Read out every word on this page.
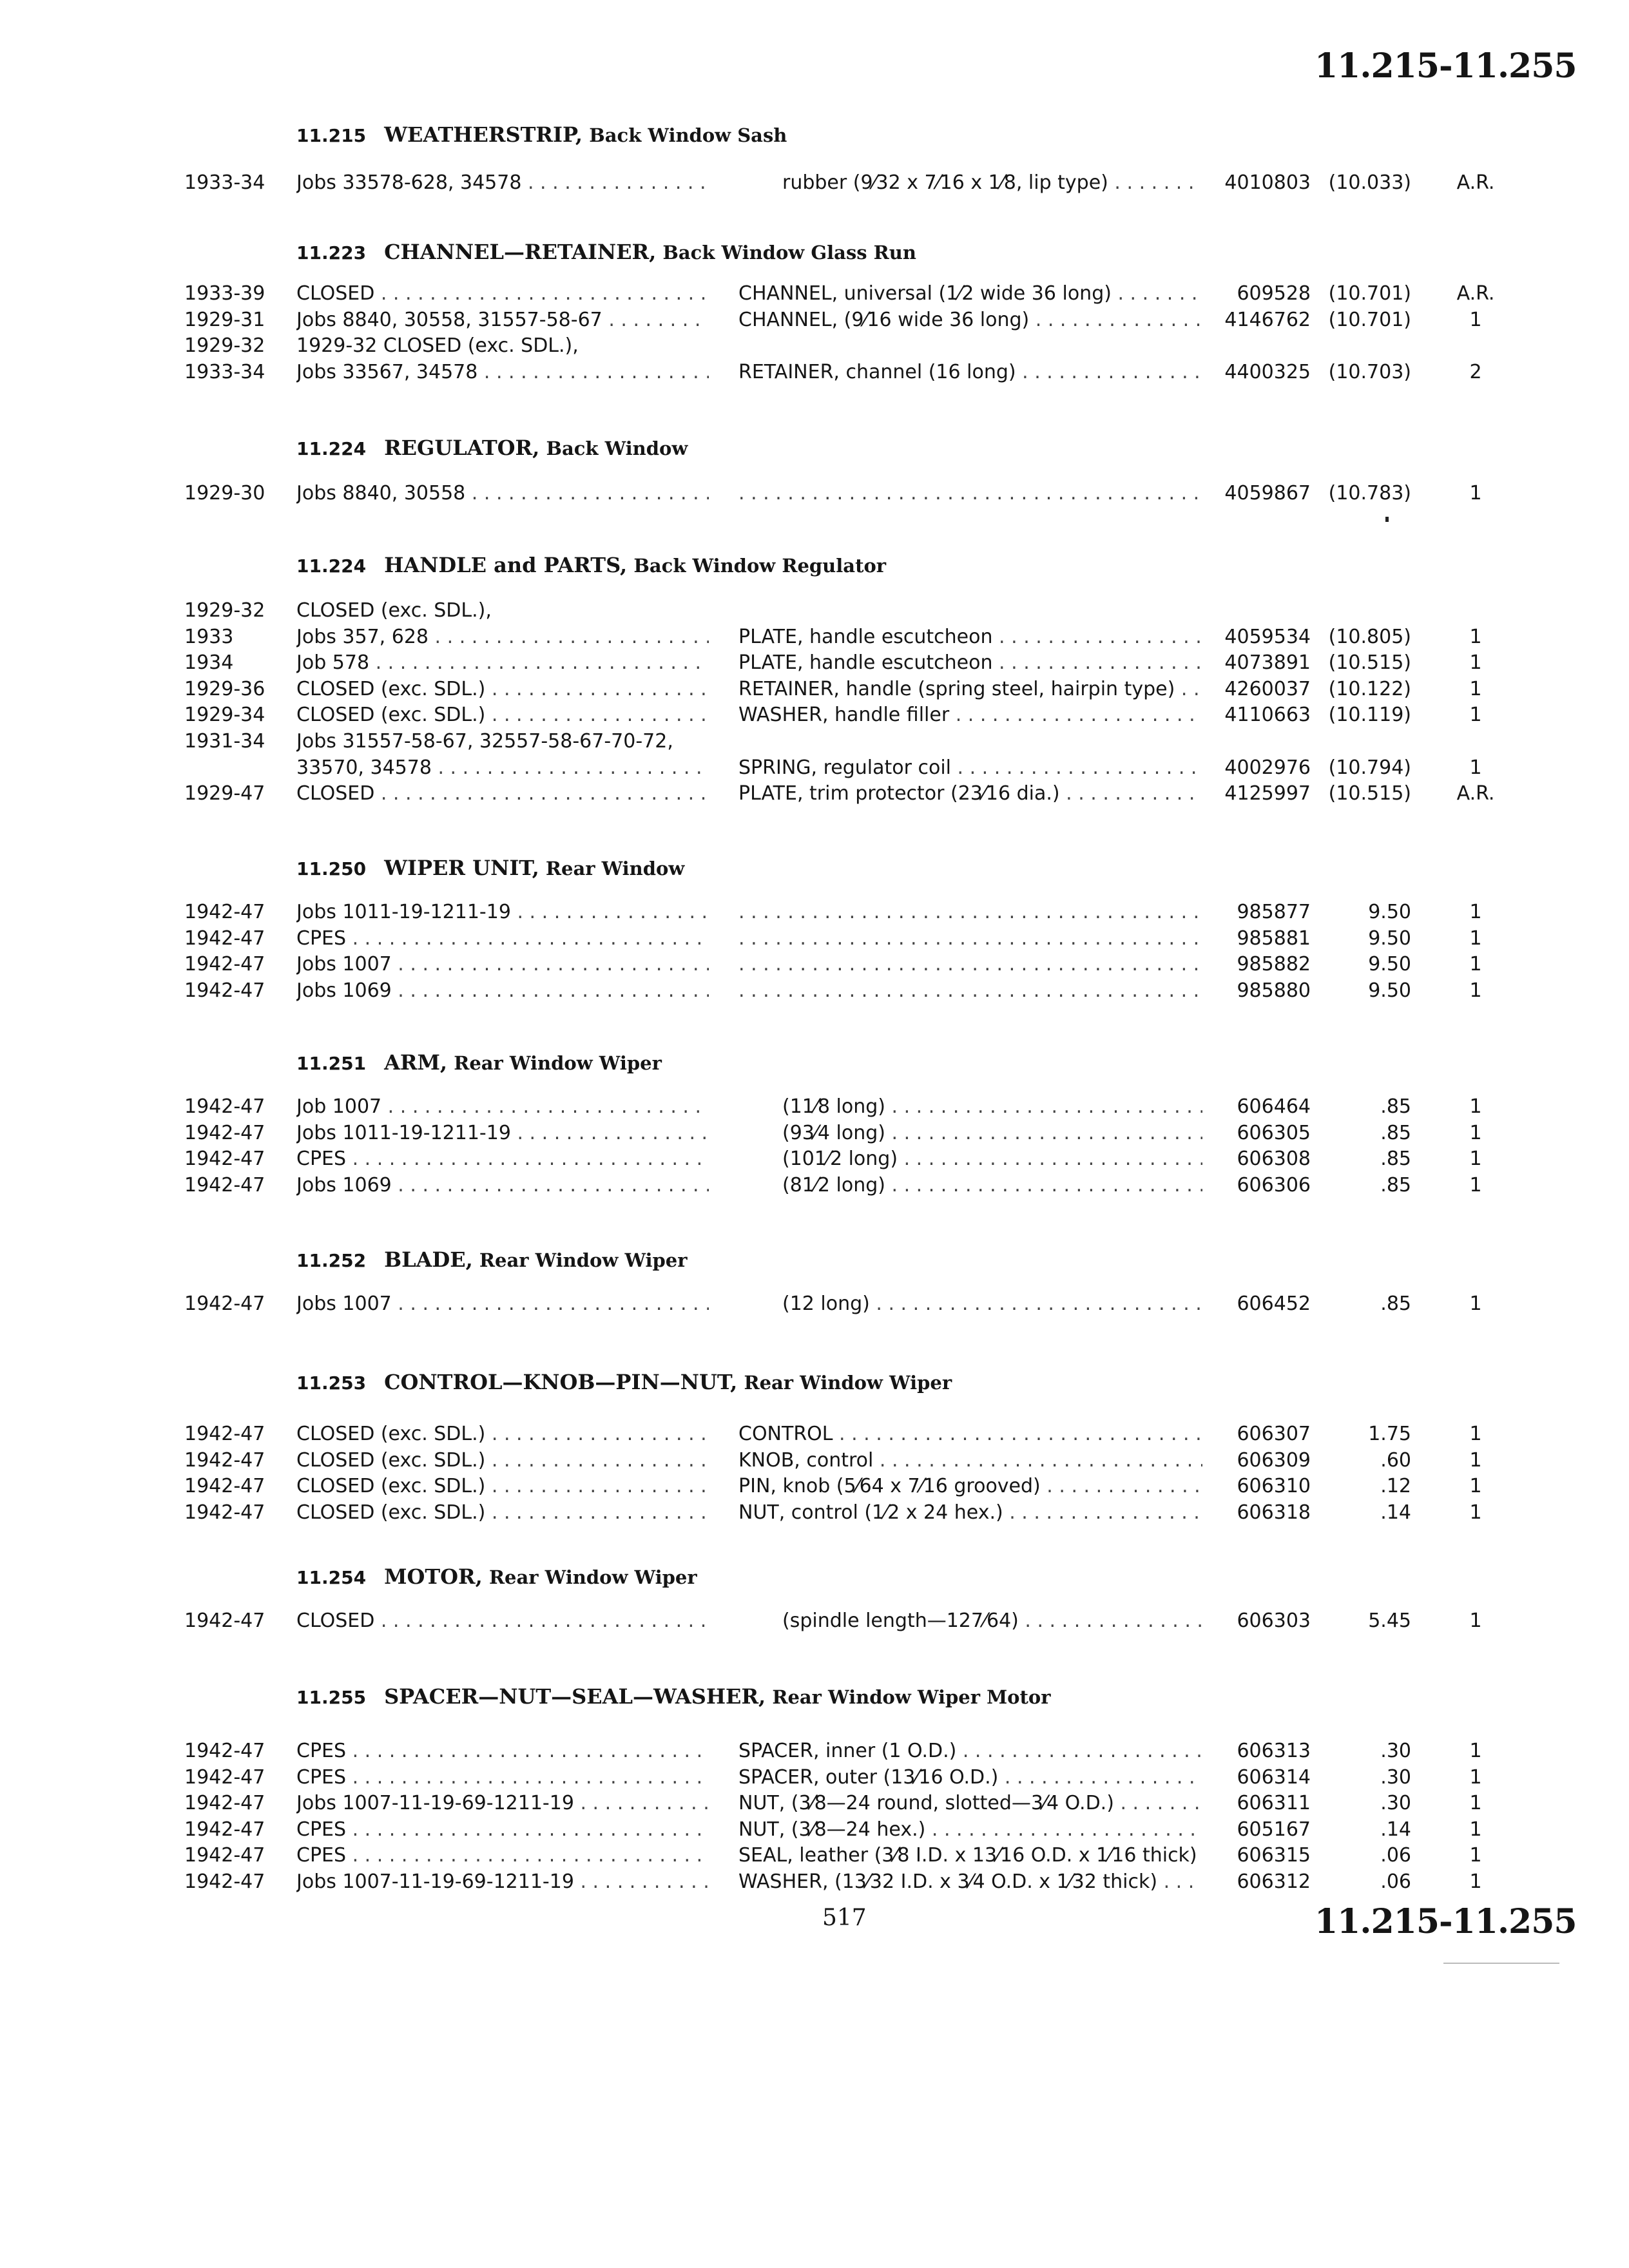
11.215-11.255
11.215 WEATHERSTRIP, Back Window Sash
1933-34 Jobs 33578-628, 34578 . . .	rubber (9⁄32 x 7⁄16 x 1⁄8, lip type) . . .	4010803 (10.033)	A.R.
11.223 CHANNEL—RETAINER, Back Window Glass Run
1933-39 CLOSED . . .	CHANNEL, universal (1⁄2 wide 36 long) . . .	609528 (10.701)	A.R.
1929-31 Jobs 8840, 30558, 31557-58-67 . . .	CHANNEL, (9⁄16 wide 36 long) . . .	4146762 (10.701)	1
1929-32 1929-32 CLOSED (exc. SDL.),
1933-34 Jobs 33567, 34578 . . .	RETAINER, channel (16 long) . . .	4400325 (10.703)	2
11.224 REGULATOR, Back Window
1929-30 Jobs 8840, 30558 . . . . . .	4059867 (10.783)	1
11.224 HANDLE and PARTS, Back Window Regulator
1929-32 CLOSED (exc. SDL.),
1933	Jobs 357, 628 . . .	PLATE, handle escutcheon . . .	4059534 (10.805)	1
1934	Job 578 . . .	PLATE, handle escutcheon . . .	4073891 (10.515)	1
1929-36 CLOSED (exc. SDL.) . . .	RETAINER, handle (spring steel, hairpin type) . . .	4260037 (10.122)	1
1929-34 CLOSED (exc. SDL.) . . .	WASHER, handle filler . . .	4110663 (10.119)	1
1931-34 Jobs 31557-58-67, 32557-58-67-70-72,
33570, 34578 . . .	SPRING, regulator coil . . .	4002976 (10.794)	1
1929-47 CLOSED . . .	PLATE, trim protector (23⁄16 dia.) . . .	4125997 (10.515)	A.R.
11.250 WIPER UNIT, Rear Window
1942-47 Jobs 1011-19-1211-19 . . . . . .	985877	9.50	1
1942-47 CPES . . . . . .	985881	9.50	1
1942-47 Jobs 1007 . . . . . .	985882	9.50	1
1942-47 Jobs 1069 . . . . . .	985880	9.50	1
11.251 ARM, Rear Window Wiper
1942-47 Job 1007 . . .	(11⁄8 long) . . .	606464	.85	1
1942-47 Jobs 1011-19-1211-19 . . .	(93⁄4 long) . . .	606305	.85	1
1942-47 CPES . . .	(101⁄2 long) . . .	606308	.85	1
1942-47 Jobs 1069 . . .	(81⁄2 long) . . .	606306	.85	1
11.252 BLADE, Rear Window Wiper
1942-47 Jobs 1007 . . .	(12 long) . . .	606452	.85	1
11.253 CONTROL—KNOB—PIN—NUT, Rear Window Wiper
1942-47 CLOSED (exc. SDL.) . . .	CONTROL . . .	606307	1.75	1
1942-47 CLOSED (exc. SDL.) . . .	KNOB, control . . .	606309	.60	1
1942-47 CLOSED (exc. SDL.) . . .	PIN, knob (5⁄64 x 7⁄16 grooved) . . .	606310	.12	1
1942-47 CLOSED (exc. SDL.) . . .	NUT, control (1⁄2 x 24 hex.) . . .	606318	.14	1
11.254 MOTOR, Rear Window Wiper
1942-47 CLOSED . . .	(spindle length—127⁄64) . . .	606303	5.45	1
11.255 SPACER—NUT—SEAL—WASHER, Rear Window Wiper Motor
1942-47 CPES . . .	SPACER, inner (1 O.D.) . . .	606313	.30	1
1942-47 CPES . . .	SPACER, outer (13⁄16 O.D.) . . .	606314	.30	1
1942-47 Jobs 1007-11-19-69-1211-19 . . .	NUT, (3⁄8—24 round, slotted—3⁄4 O.D.) . . .	606311	.30	1
1942-47 CPES . . .	NUT, (3⁄8—24 hex.) . . .	605167	.14	1
1942-47 CPES . . .	SEAL, leather (3⁄8 I.D. x 13⁄16 O.D. x 1⁄16 thick) . . .	606315	.06	1
1942-47 Jobs 1007-11-19-69-1211-19 . . .	WASHER, (13⁄32 I.D. x 3⁄4 O.D. x 1⁄32 thick) . . .	606312	.06	1
517	11.215-11.255
